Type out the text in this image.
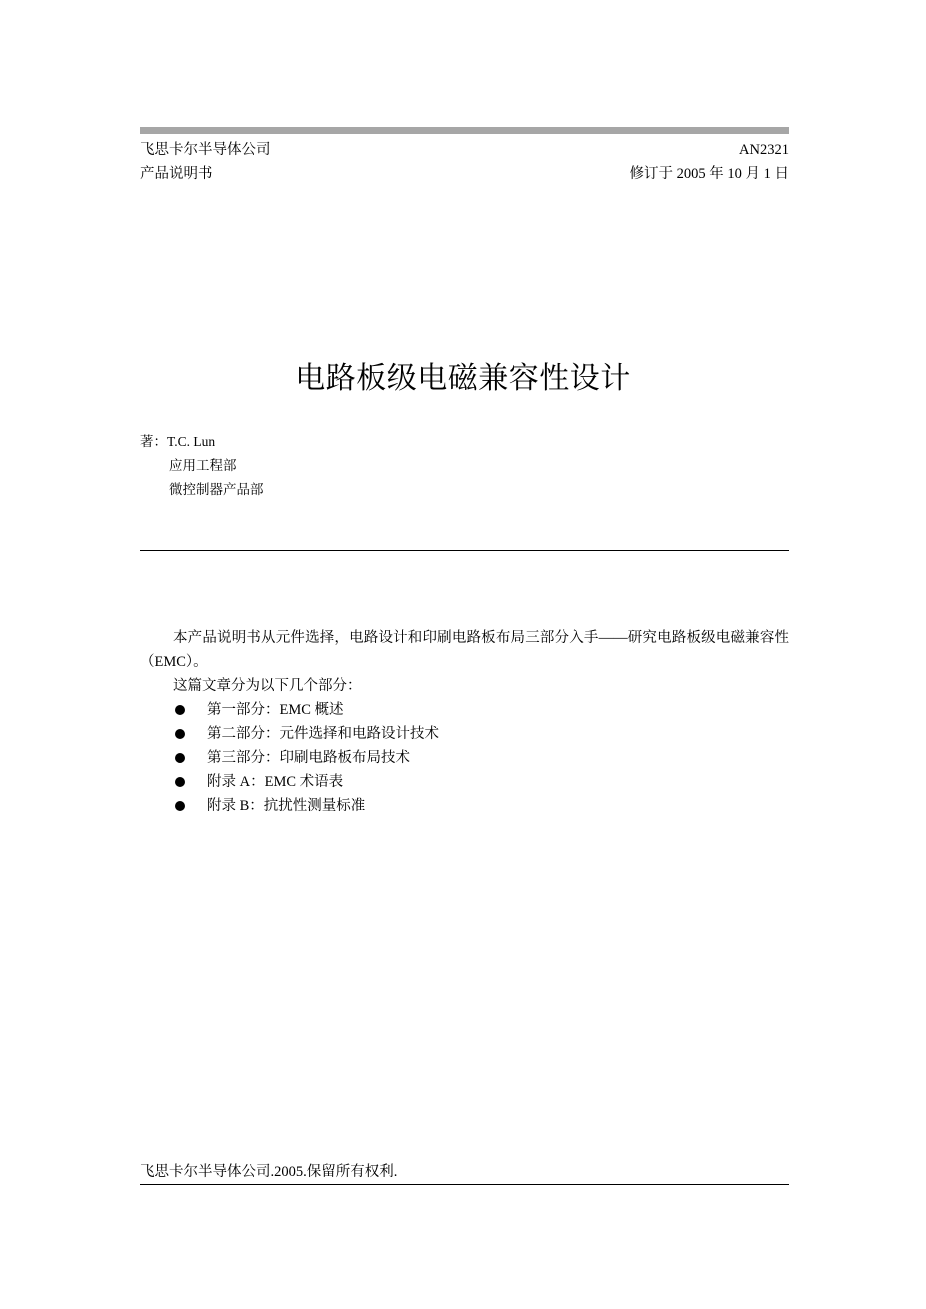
飞思卡尔半导体公司
产品说明书
AN2321
修订于 2005 年 10 月 1 日
电路板级电磁兼容性设计
著：T.C. Lun
应用工程部
微控制器产品部

本产品说明书从元件选择，电路设计和印刷电路板布局三部分入手——研究电路板级电磁兼容性（EMC）。

这篇文章分为以下几个部分：

第一部分：EMC 概述
第二部分：元件选择和电路设计技术
第三部分：印刷电路板布局技术
附录 A：EMC 术语表
附录 B：抗扰性测量标准
飞思卡尔半导体公司.2005.保留所有权利.
